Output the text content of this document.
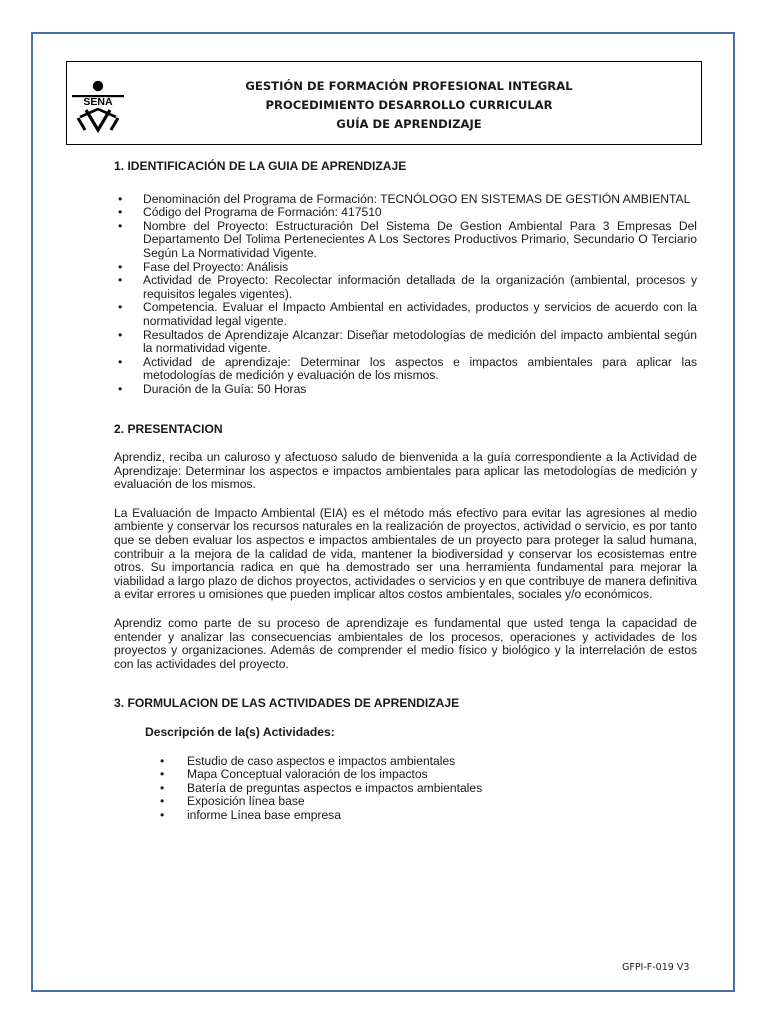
SENA
GESTIÓN DE FORMACIÓN PROFESIONAL INTEGRAL
PROCEDIMIENTO DESARROLLO CURRICULAR
GUÍA DE APRENDIZAJE
1. IDENTIFICACIÓN DE LA GUIA DE APRENDIZAJE
• Denominación del Programa de Formación: TECNÓLOGO EN SISTEMAS DE GESTIÓN AMBIENTAL
• Código del Programa de Formación: 417510
• Nombre del Proyecto: Estructuración Del Sistema De Gestion Ambiental Para 3 Empresas Del Departamento Del Tolima Pertenecientes A Los Sectores Productivos Primario, Secundario O Terciario Según La Normatividad Vigente.
• Fase del Proyecto: Análisis
• Actividad de Proyecto: Recolectar información detallada de la organización (ambiental, procesos y requisitos legales vigentes).
• Competencia. Evaluar el Impacto Ambiental en actividades, productos y servicios de acuerdo con la normatividad legal vigente.
• Resultados de Aprendizaje Alcanzar: Diseñar metodologías de medición del impacto ambiental según la normatividad vigente.
• Actividad de aprendizaje: Determinar los aspectos e impactos ambientales para aplicar las metodologías de medición y evaluación de los mismos.
• Duración de la Guía: 50 Horas
2. PRESENTACION

Aprendiz, reciba un caluroso y afectuoso saludo de bienvenida a la guía correspondiente a la Actividad de Aprendizaje: Determinar los aspectos e impactos ambientales para aplicar las metodologías de medición y evaluación de los mismos.

La Evaluación de Impacto Ambiental (EIA) es el método más efectivo para evitar las agresiones al medio ambiente y conservar los recursos naturales en la realización de proyectos, actividad o servicio, es por tanto que se deben evaluar los aspectos e impactos ambientales de un proyecto para proteger la salud humana, contribuir a la mejora de la calidad de vida, mantener la biodiversidad y conservar los ecosistemas entre otros. Su importancia radica en que ha demostrado ser una herramienta fundamental para mejorar la viabilidad a largo plazo de dichos proyectos, actividades o servicios y en que contribuye de manera definitiva a evitar errores u omisiones que pueden implicar altos costos ambientales, sociales y/o económicos.

Aprendiz como parte de su proceso de aprendizaje es fundamental que usted tenga la capacidad de entender y analizar las consecuencias ambientales de los procesos, operaciones y actividades de los proyectos y organizaciones. Además de comprender el medio físico y biológico y la interrelación de estos con las actividades del proyecto.

3. FORMULACION DE LAS ACTIVIDADES DE APRENDIZAJE
Descripción de la(s) Actividades:
• Estudio de caso aspectos e impactos ambientales
• Mapa Conceptual valoración de los impactos
• Batería de preguntas aspectos e impactos ambientales
• Exposición línea base
• informe Línea base empresa
GFPI-F-019 V3
